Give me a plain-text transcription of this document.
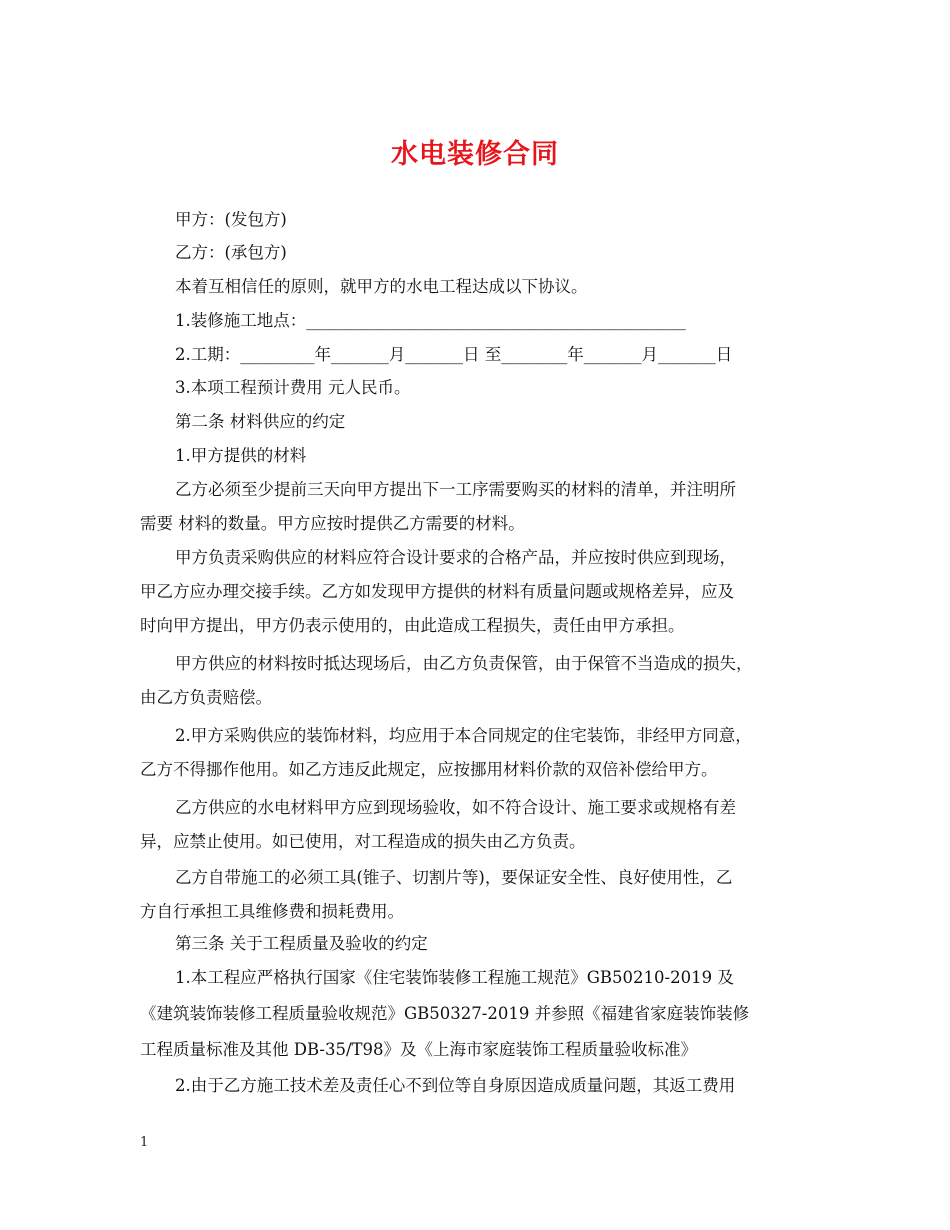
水电装修合同
甲方：(发包方)
乙方：(承包方)
本着互相信任的原则，就甲方的水电工程达成以下协议。
1.装修施工地点：______________________________________________
2.工期：_________年_______月_______日 至________年_______月_______日
3.本项工程预计费用 元人民币。
第二条 材料供应的约定
1.甲方提供的材料
乙方必须至少提前三天向甲方提出下一工序需要购买的材料的清单，并注明所
需要 材料的数量。甲方应按时提供乙方需要的材料。
甲方负责采购供应的材料应符合设计要求的合格产品，并应按时供应到现场，
甲乙方应办理交接手续。乙方如发现甲方提供的材料有质量问题或规格差异，应及
时向甲方提出，甲方仍表示使用的，由此造成工程损失，责任由甲方承担。
甲方供应的材料按时抵达现场后，由乙方负责保管，由于保管不当造成的损失，
由乙方负责赔偿。
2.甲方采购供应的装饰材料，均应用于本合同规定的住宅装饰，非经甲方同意，
乙方不得挪作他用。如乙方违反此规定，应按挪用材料价款的双倍补偿给甲方。
乙方供应的水电材料甲方应到现场验收，如不符合设计、施工要求或规格有差
异，应禁止使用。如已使用，对工程造成的损失由乙方负责。
乙方自带施工的必须工具(锥子、切割片等)，要保证安全性、良好使用性，乙
方自行承担工具维修费和损耗费用。
第三条 关于工程质量及验收的约定
1.本工程应严格执行国家《住宅装饰装修工程施工规范》GB50210-2019 及
《建筑装饰装修工程质量验收规范》GB50327-2019 并参照《福建省家庭装饰装修
工程质量标准及其他 DB-35/T98》及《上海市家庭装饰工程质量验收标准》
2.由于乙方施工技术差及责任心不到位等自身原因造成质量问题，其返工费用
1
